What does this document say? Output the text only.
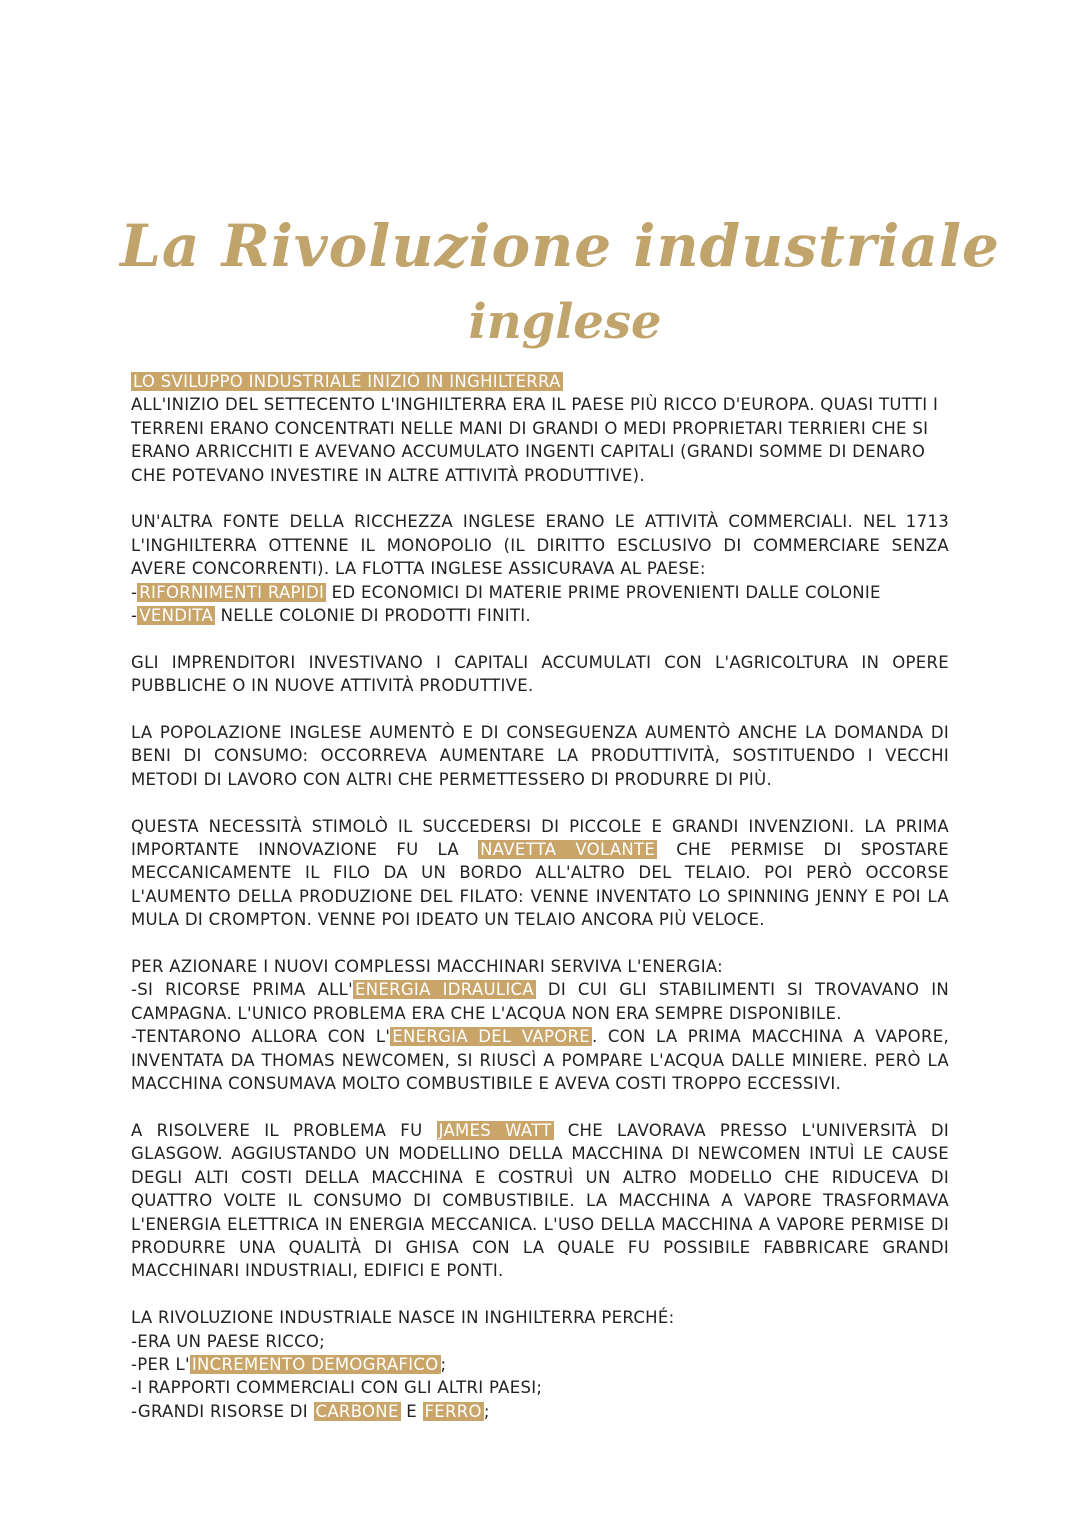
La Rivoluzione industriale
inglese

LO SVILUPPO INDUSTRIALE INIZIÒ IN INGHILTERRA
ALL'INIZIO DEL SETTECENTO L'INGHILTERRA ERA IL PAESE PIÙ RICCO D'EUROPA. QUASI TUTTI I TERRENI ERANO CONCENTRATI NELLE MANI DI GRANDI O MEDI PROPRIETARI TERRIERI CHE SI ERANO ARRICCHITI E AVEVANO ACCUMULATO INGENTI CAPITALI (GRANDI SOMME DI DENARO CHE POTEVANO INVESTIRE IN ALTRE ATTIVITÀ PRODUTTIVE).

UN'ALTRA FONTE DELLA RICCHEZZA INGLESE ERANO LE ATTIVITÀ COMMERCIALI. NEL 1713 L'INGHILTERRA OTTENNE IL MONOPOLIO (IL DIRITTO ESCLUSIVO DI COMMERCIARE SENZA AVERE CONCORRENTI). LA FLOTTA INGLESE ASSICURAVA AL PAESE:
- RIFORNIMENTI RAPIDI ED ECONOMICI DI MATERIE PRIME PROVENIENTI DALLE COLONIE
- VENDITA NELLE COLONIE DI PRODOTTI FINITI.

GLI IMPRENDITORI INVESTIVANO I CAPITALI ACCUMULATI CON L'AGRICOLTURA IN OPERE PUBBLICHE O IN NUOVE ATTIVITÀ PRODUTTIVE.

LA POPOLAZIONE INGLESE AUMENTÒ E DI CONSEGUENZA AUMENTÒ ANCHE LA DOMANDA DI BENI DI CONSUMO: OCCORREVA AUMENTARE LA PRODUTTIVITÀ, SOSTITUENDO I VECCHI METODI DI LAVORO CON ALTRI CHE PERMETTESSERO DI PRODURRE DI PIÙ.

QUESTA NECESSITÀ STIMOLÒ IL SUCCEDERSI DI PICCOLE E GRANDI INVENZIONI. LA PRIMA IMPORTANTE INNOVAZIONE FU LA NAVETTA VOLANTE CHE PERMISE DI SPOSTARE MECCANICAMENTE IL FILO DA UN BORDO ALL'ALTRO DEL TELAIO. POI PERÒ OCCORSE L'AUMENTO DELLA PRODUZIONE DEL FILATO: VENNE INVENTATO LO SPINNING JENNY E POI LA MULA DI CROMPTON. VENNE POI IDEATO UN TELAIO ANCORA PIÙ VELOCE.

PER AZIONARE I NUOVI COMPLESSI MACCHINARI SERVIVA L'ENERGIA:
-SI RICORSE PRIMA ALL' ENERGIA IDRAULICA DI CUI GLI STABILIMENTI SI TROVAVANO IN CAMPAGNA. L'UNICO PROBLEMA ERA CHE L'ACQUA NON ERA SEMPRE DISPONIBILE.
-TENTARONO ALLORA CON L' ENERGIA DEL VAPORE . CON LA PRIMA MACCHINA A VAPORE, INVENTATA DA THOMAS NEWCOMEN, SI RIUSCÌ A POMPARE L'ACQUA DALLE MINIERE. PERÒ LA MACCHINA CONSUMAVA MOLTO COMBUSTIBILE E AVEVA COSTI TROPPO ECCESSIVI.

A RISOLVERE IL PROBLEMA FU JAMES WATT CHE LAVORAVA PRESSO L'UNIVERSITÀ DI GLASGOW. AGGIUSTANDO UN MODELLINO DELLA MACCHINA DI NEWCOMEN INTUÌ LE CAUSE DEGLI ALTI COSTI DELLA MACCHINA E COSTRUÌ UN ALTRO MODELLO CHE RIDUCEVA DI QUATTRO VOLTE IL CONSUMO DI COMBUSTIBILE. LA MACCHINA A VAPORE TRASFORMAVA L'ENERGIA ELETTRICA IN ENERGIA MECCANICA. L'USO DELLA MACCHINA A VAPORE PERMISE DI PRODURRE UNA QUALITÀ DI GHISA CON LA QUALE FU POSSIBILE FABBRICARE GRANDI MACCHINARI INDUSTRIALI, EDIFICI E PONTI.

LA RIVOLUZIONE INDUSTRIALE NASCE IN INGHILTERRA PERCHÉ:
-ERA UN PAESE RICCO;
-PER L' INCREMENTO DEMOGRAFICO ;
-I RAPPORTI COMMERCIALI CON GLI ALTRI PAESI;
-GRANDI RISORSE DI CARBONE E FERRO ;
